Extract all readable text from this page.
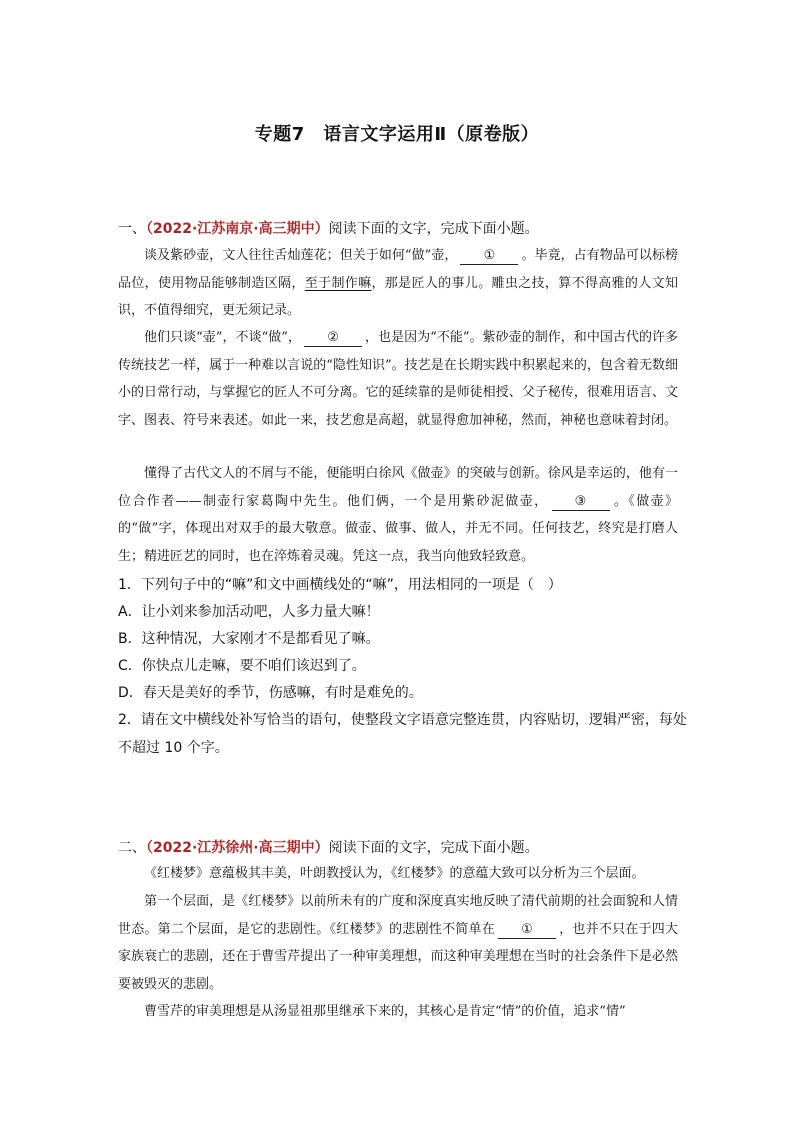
专题7　语言文字运用Ⅱ（原卷版）
一、（2022·江苏南京·高三期中）阅读下面的文字，完成下面小题。
谈及紫砂壶，文人往往舌灿莲花；但关于如何“做”壶， ① 。毕竟，占有物品可以标榜品位，使用物品能够制造区隔，至于制作嘛，那是匠人的事儿。雕虫之技，算不得高雅的人文知识，不值得细究，更无须记录。
他们只谈“壶”，不谈“做”， ② ，也是因为“不能”。紫砂壶的制作，和中国古代的许多传统技艺一样，属于一种难以言说的“隐性知识”。技艺是在长期实践中积累起来的，包含着无数细小的日常行动，与掌握它的匠人不可分离。它的延续靠的是师徒相授、父子秘传，很难用语言、文字、图表、符号来表述。如此一来，技艺愈是高超，就显得愈加神秘，然而，神秘也意味着封闭。
懂得了古代文人的不屑与不能，便能明白徐风《做壶》的突破与创新。徐风是幸运的，他有一位合作者——制壶行家葛陶中先生。他们俩，一个是用紫砂泥做壶， ③ 。《做壶》的“做”字，体现出对双手的最大敬意。做壶、做事、做人，并无不同。任何技艺，终究是打磨人生；精进匠艺的同时，也在淬炼着灵魂。凭这一点，我当向他致轻致意。
1．下列句子中的“嘛”和文中画横线处的“嘛”，用法相同的一项是（　）
A．让小刘来参加活动吧，人多力量大嘛！
B．这种情况，大家刚才不是都看见了嘛。
C．你快点儿走嘛，要不咱们该迟到了。
D．春天是美好的季节，伤感嘛，有时是难免的。
2．请在文中横线处补写恰当的语句，使整段文字语意完整连贯，内容贴切，逻辑严密，每处不超过 10 个字。
二、（2022·江苏徐州·高三期中）阅读下面的文字，完成下面小题。
《红楼梦》意蕴极其丰美，叶朗教授认为，《红楼梦》的意蕴大致可以分析为三个层面。
第一个层面，是《红楼梦》以前所未有的广度和深度真实地反映了清代前期的社会面貌和人情世态。第二个层面，是它的悲剧性。《红楼梦》的悲剧性不简单在 ① ，也并不只在于四大家族衰亡的悲剧，还在于曹雪芹提出了一种审美理想，而这种审美理想在当时的社会条件下是必然要被毁灭的悲剧。
曹雪芹的审美理想是从汤显祖那里继承下来的，其核心是肯定“情”的价值，追求“情”
